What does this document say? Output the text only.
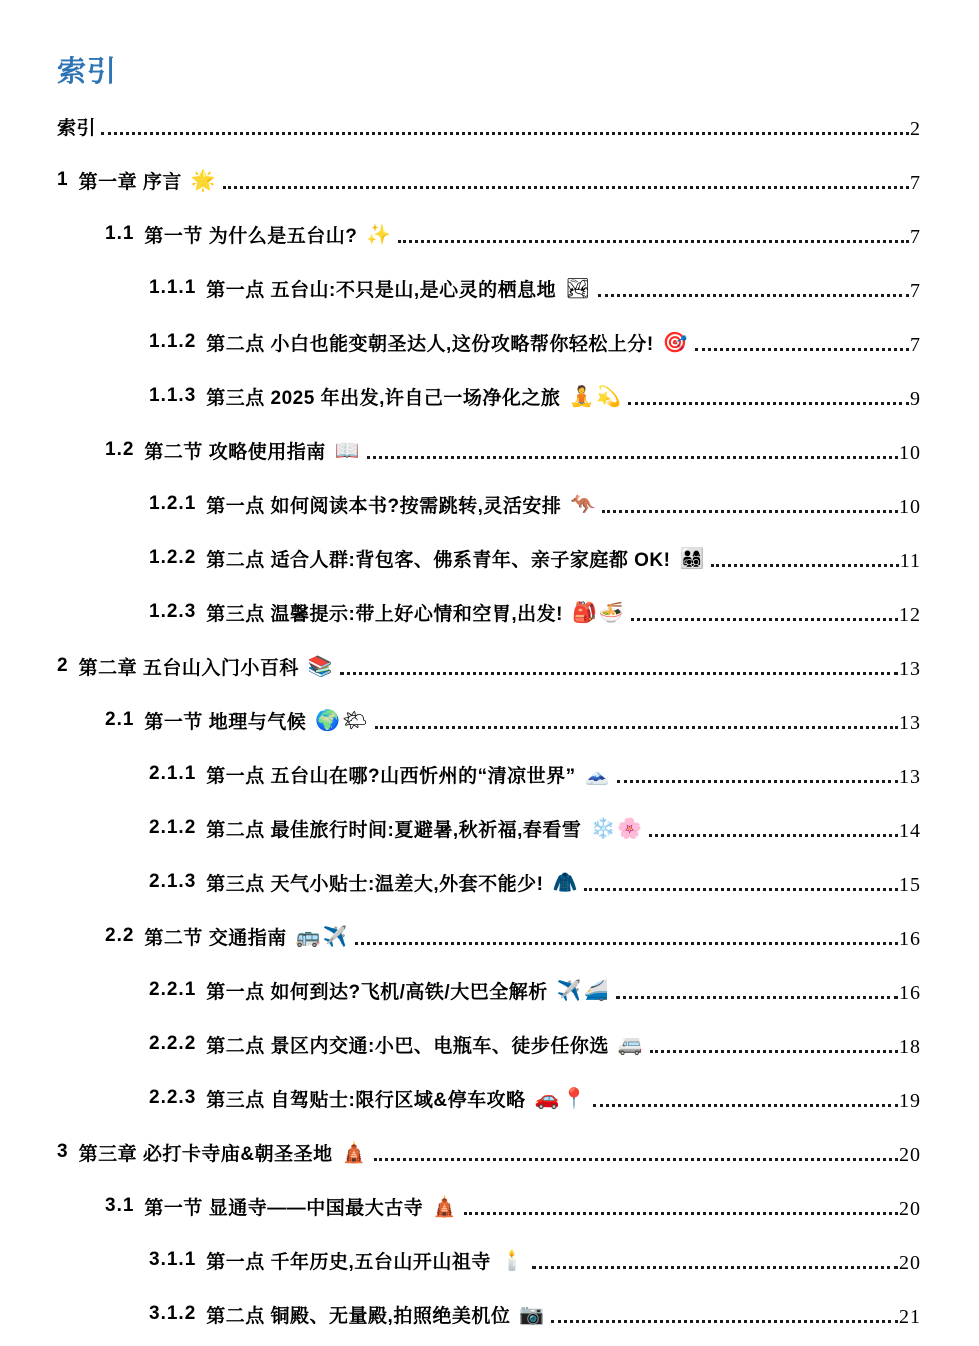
索引
索引	2
1 第一章 序言 🌟	7
1.1 第一节 为什么是五台山? ✨	7
1.1.1 第一点 五台山:不只是山,是心灵的栖息地 🏞	7
1.1.2 第二点 小白也能变朝圣达人,这份攻略帮你轻松上分! 🎯	7
1.1.3 第三点 2025 年出发,许自己一场净化之旅 🧘💫	9
1.2 第二节 攻略使用指南 📖	10
1.2.1 第一点 如何阅读本书?按需跳转,灵活安排 🦘	10
1.2.2 第二点 适合人群:背包客、佛系青年、亲子家庭都 OK! 👨‍👩‍👧‍👦	11
1.2.3 第三点 温馨提示:带上好心情和空胃,出发! 🎒🍜	12
2 第二章 五台山入门小百科 📚	13
2.1 第一节 地理与气候 🌍🌤	13
2.1.1 第一点 五台山在哪?山西忻州的“清凉世界” 🗻	13
2.1.2 第二点 最佳旅行时间:夏避暑,秋祈福,春看雪 ❄️🌸	14
2.1.3 第三点 天气小贴士:温差大,外套不能少! 🧥	15
2.2 第二节 交通指南 🚌✈️	16
2.2.1 第一点 如何到达?飞机/高铁/大巴全解析 ✈️🚄	16
2.2.2 第二点 景区内交通:小巴、电瓶车、徒步任你选 🚐	18
2.2.3 第三点 自驾贴士:限行区域&停车攻略 🚗📍	19
3 第三章 必打卡寺庙&朝圣圣地 🛕	20
3.1 第一节 显通寺——中国最大古寺 🛕	20
3.1.1 第一点 千年历史,五台山开山祖寺 🕯️	20
3.1.2 第二点 铜殿、无量殿,拍照绝美机位 📷	21
